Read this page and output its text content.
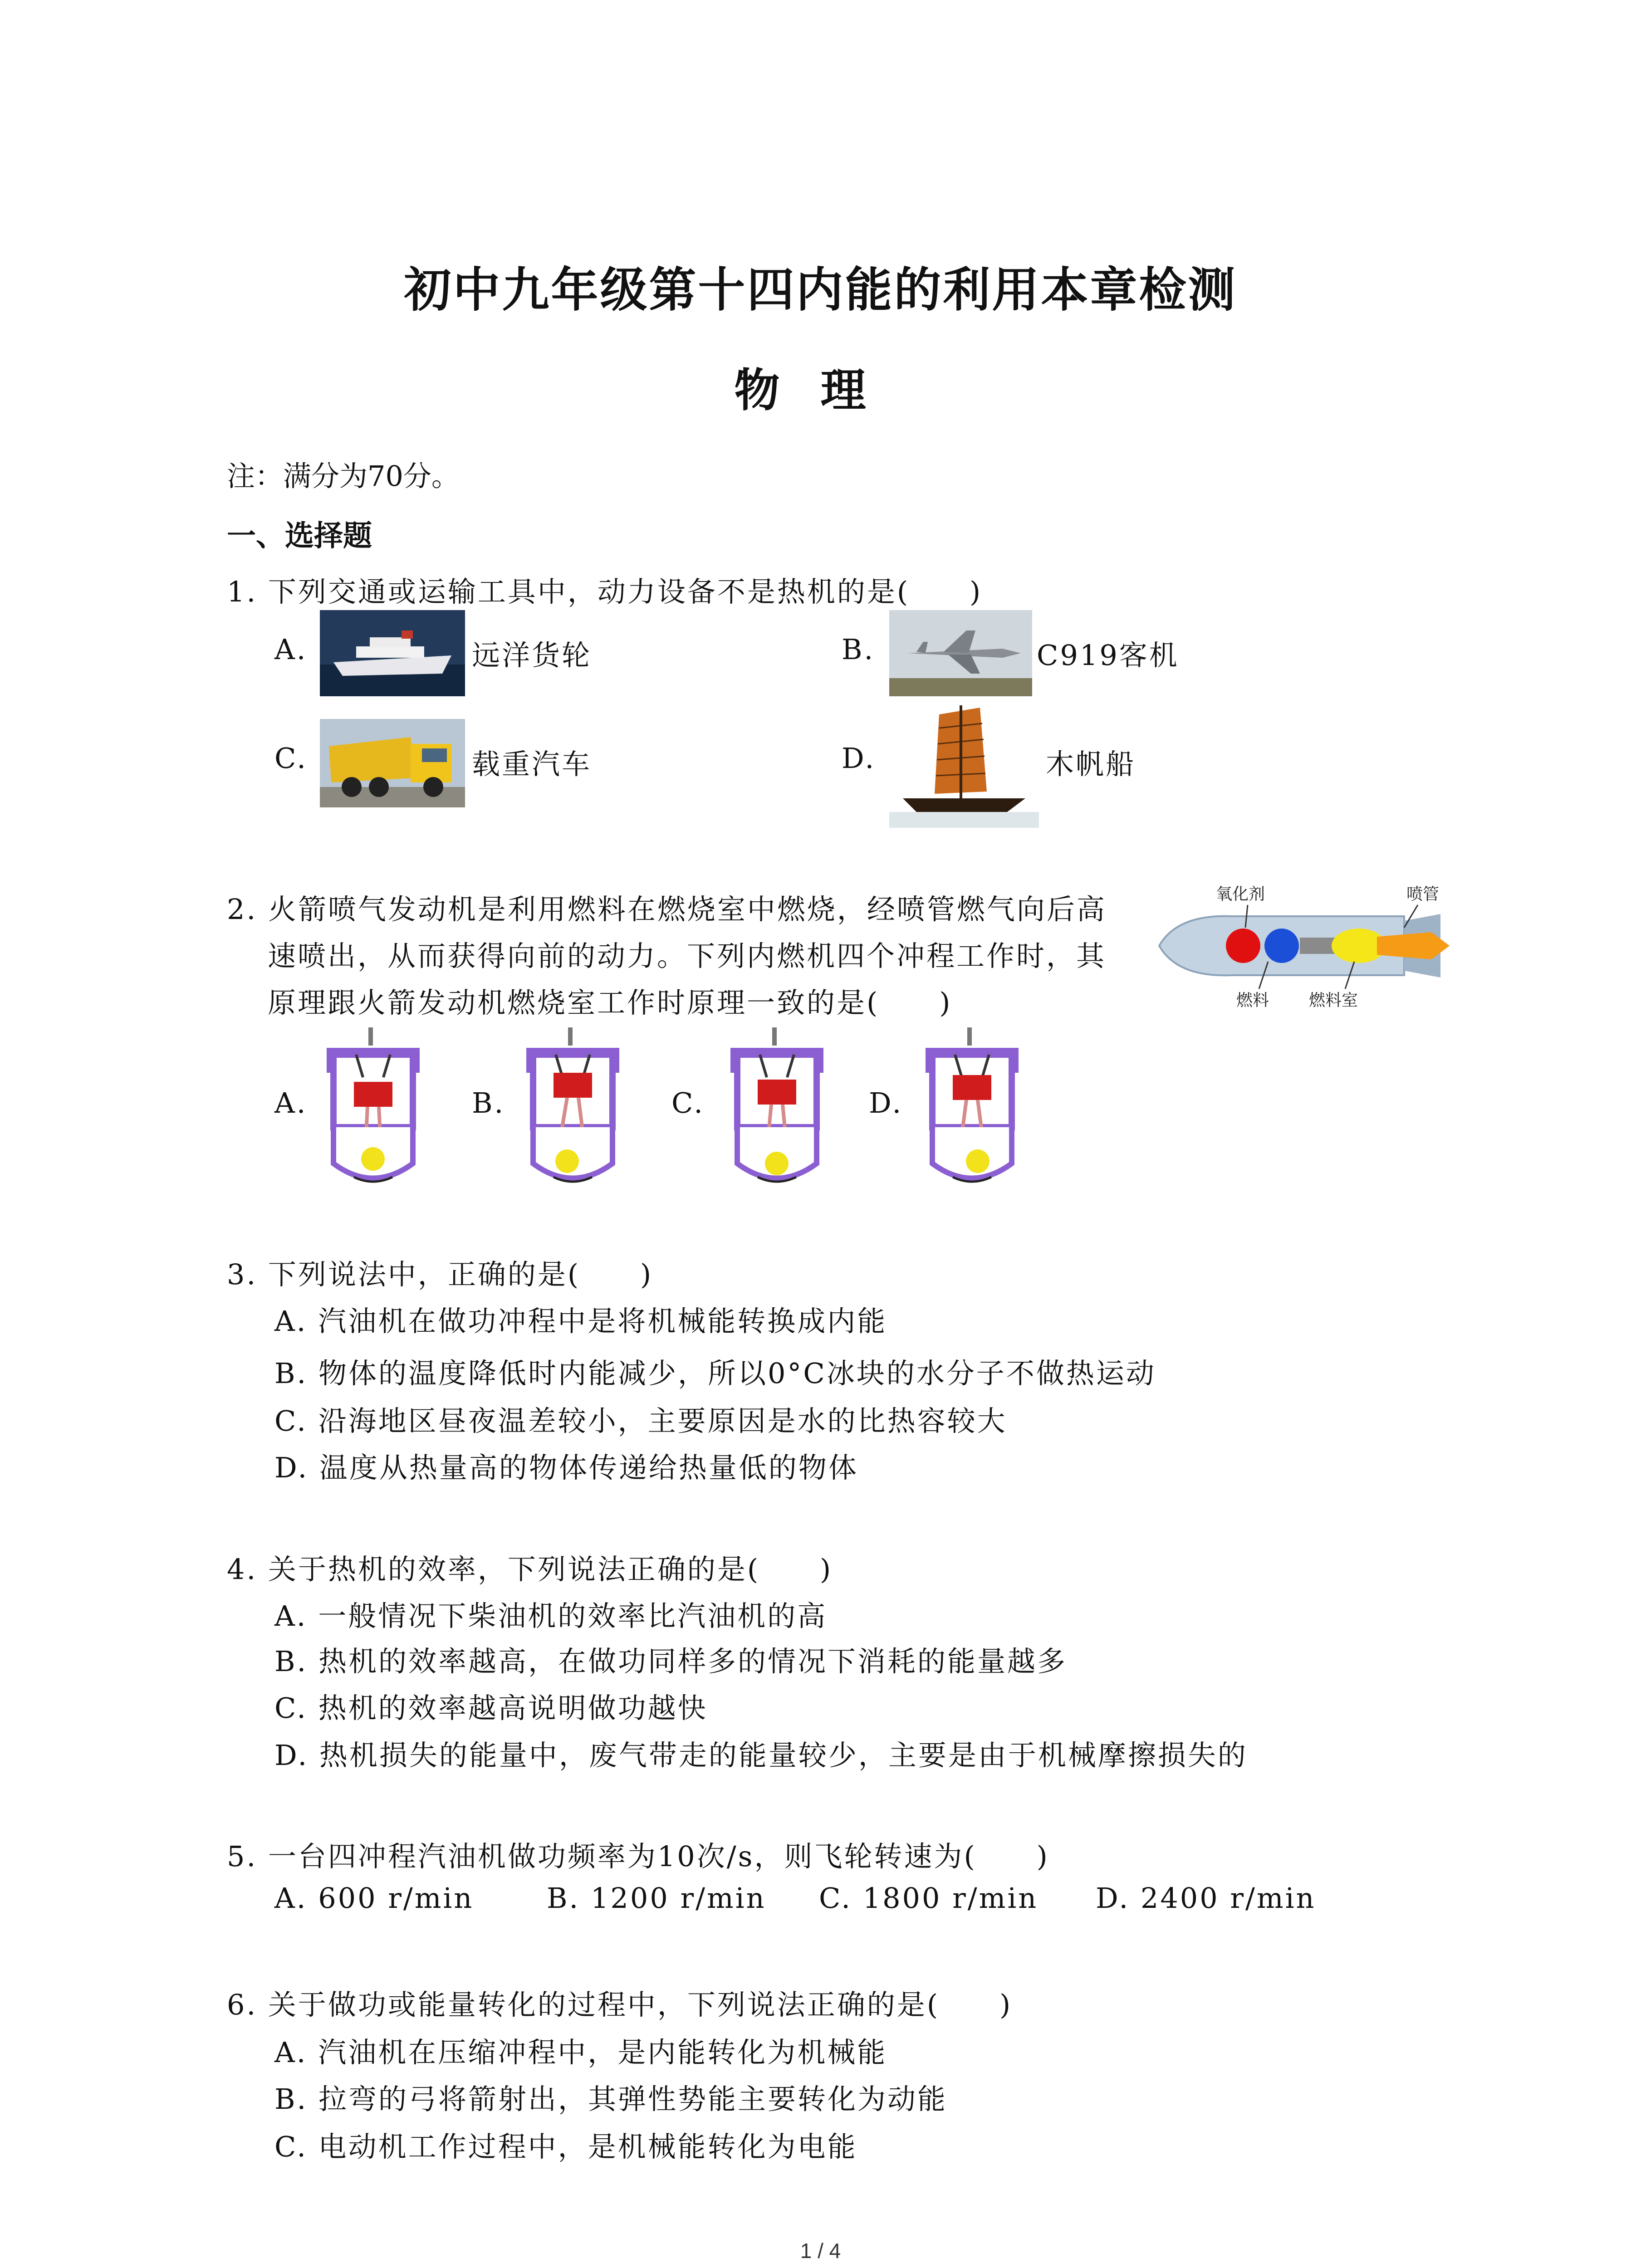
初中九年级第十四内能的利用本章检测
物理
注：满分为70分。
一、选择题
1. 下列交通或运输工具中，动力设备不是热机的是(　　)
A.	远洋货轮	B.	C919客机
C.	载重汽车	D.	木帆船
2. 火箭喷气发动机是利用燃料在燃烧室中燃烧，经喷管燃气向后高
速喷出，从而获得向前的动力。下列内燃机四个冲程工作时，其
原理跟火箭发动机燃烧室工作时原理一致的是(　　)
氧化剂	喷管
燃料 燃料室
A.	B.	C.	D.
3. 下列说法中，正确的是(　　)
A. 汽油机在做功冲程中是将机械能转换成内能
B. 物体的温度降低时内能减少，所以0°C冰块的水分子不做热运动
C. 沿海地区昼夜温差较小，主要原因是水的比热容较大
D. 温度从热量高的物体传递给热量低的物体
4. 关于热机的效率，下列说法正确的是(　　)
A. 一般情况下柴油机的效率比汽油机的高
B. 热机的效率越高，在做功同样多的情况下消耗的能量越多
C. 热机的效率越高说明做功越快
D. 热机损失的能量中，废气带走的能量较少，主要是由于机械摩擦损失的
5. 一台四冲程汽油机做功频率为10次/s，则飞轮转速为(　　)
A. 600 r/min	B. 1200 r/min C. 1800 r/min D. 2400 r/min
6. 关于做功或能量转化的过程中，下列说法正确的是(　　)
A. 汽油机在压缩冲程中，是内能转化为机械能
B. 拉弯的弓将箭射出，其弹性势能主要转化为动能
C. 电动机工作过程中，是机械能转化为电能
1 / 4
